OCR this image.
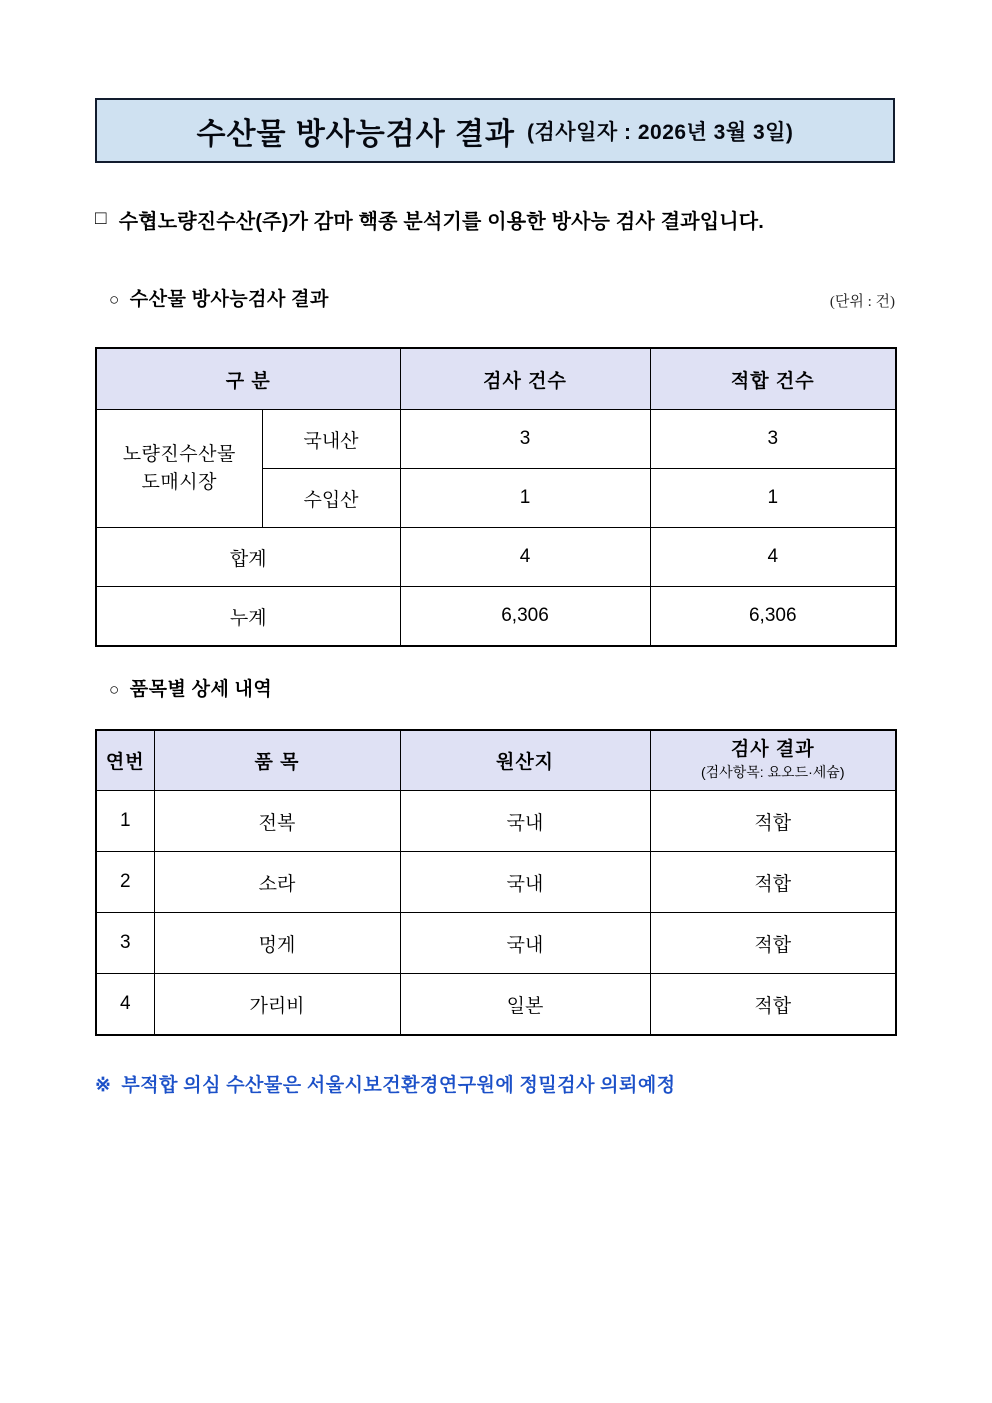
수산물 방사능검사 결과 (검사일자 : 2026년 3월 3일)
□ 수협노량진수산(주)가 감마 핵종 분석기를 이용한 방사능 검사 결과입니다.
○ 수산물 방사능검사 결과	(단위 : 건)
구 분		검사 건수	적합 건수

노량진수산물
도매시장	국내산	3	3
	수입산	1	1
합계		4	4
누계		6,306	6,306
○ 품목별 상세 내역
연번	품 목	원산지	검사 결과
(검사항목: 요오드·세슘)

1	전복	국내	적합
2	소라	국내	적합
3	멍게	국내	적합
4	가리비	일본	적합
※ 부적합 의심 수산물은 서울시보건환경연구원에 정밀검사 의뢰예정
